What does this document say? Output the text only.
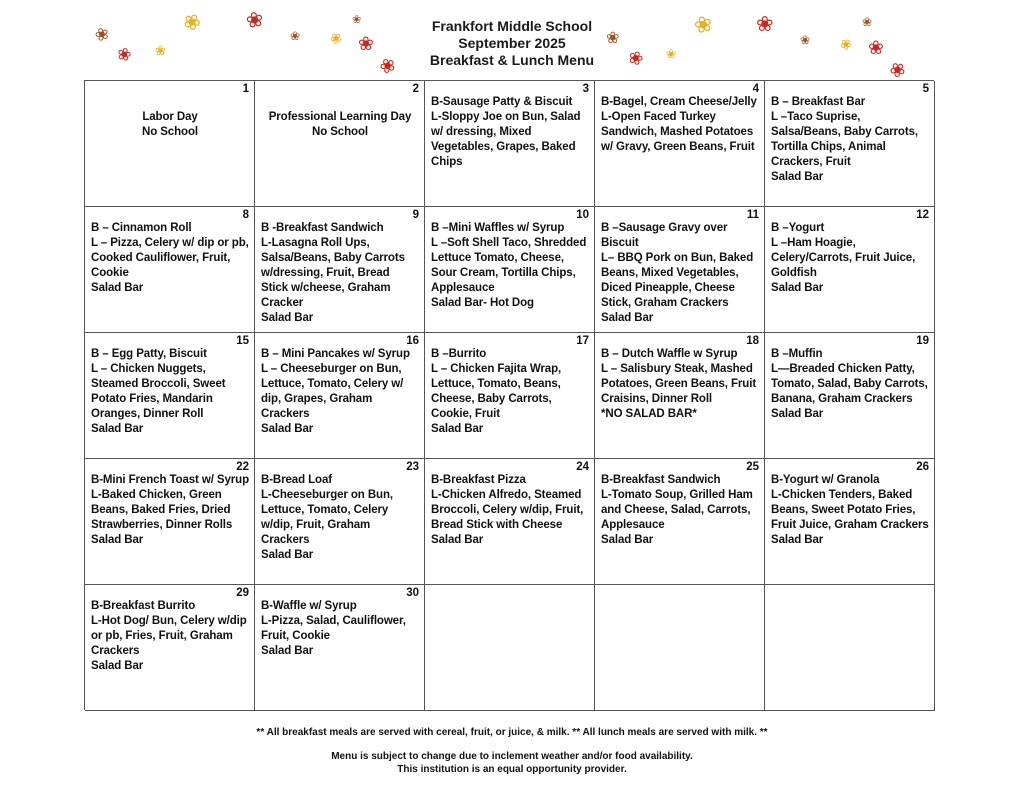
❀
❀ ❀
❀ ❀
❀ ❀
❀
❀
❀
❀
❀ ❀
❀ ❀
❀ ❀
❀
❀
❀
Frankfort Middle School
September 2025
Breakfast & Lunch Menu
1
Labor Day
No School
2
Professional Learning Day
No School
3
B-Sausage Patty & Biscuit
L-Sloppy Joe on Bun, Salad w/ dressing, Mixed Vegetables, Grapes, Baked Chips
4
B-Bagel, Cream Cheese/Jelly
L-Open Faced Turkey Sandwich, Mashed Potatoes w/ Gravy, Green Beans, Fruit
5
B – Breakfast Bar
L –Taco Suprise, Salsa/Beans, Baby Carrots, Tortilla Chips, Animal Crackers, Fruit
Salad Bar
8
B – Cinnamon Roll
L – Pizza, Celery w/ dip or pb, Cooked Cauliflower, Fruit, Cookie
Salad Bar
9
B -Breakfast Sandwich
L-Lasagna Roll Ups, Salsa/Beans, Baby Carrots w/dressing, Fruit, Bread Stick w/cheese, Graham Cracker
Salad Bar
10
B –Mini Waffles w/ Syrup
L –Soft Shell Taco, Shredded Lettuce Tomato, Cheese, Sour Cream, Tortilla Chips, Applesauce
Salad Bar- Hot Dog
11
B –Sausage Gravy over Biscuit
L– BBQ Pork on Bun, Baked Beans, Mixed Vegetables, Diced Pineapple, Cheese Stick, Graham Crackers
Salad Bar
12
B –Yogurt
L –Ham Hoagie, Celery/Carrots, Fruit Juice, Goldfish
Salad Bar
15
B – Egg Patty, Biscuit
L – Chicken Nuggets, Steamed Broccoli, Sweet Potato Fries, Mandarin Oranges, Dinner Roll
Salad Bar
16
B – Mini Pancakes w/ Syrup
L – Cheeseburger on Bun, Lettuce, Tomato, Celery w/ dip, Grapes, Graham Crackers
Salad Bar
17
B –Burrito
L – Chicken Fajita Wrap, Lettuce, Tomato, Beans, Cheese, Baby Carrots, Cookie, Fruit
Salad Bar
18
B – Dutch Waffle w Syrup
L – Salisbury Steak, Mashed Potatoes, Green Beans, Fruit Craisins, Dinner Roll
*NO SALAD BAR*
19
B –Muffin
L—Breaded Chicken Patty, Tomato, Salad, Baby Carrots, Banana, Graham Crackers
Salad Bar
22
B-Mini French Toast w/ Syrup
L-Baked Chicken, Green Beans, Baked Fries, Dried Strawberries, Dinner Rolls
Salad Bar
23
B-Bread Loaf
L-Cheeseburger on Bun, Lettuce, Tomato, Celery w/dip, Fruit, Graham Crackers
Salad Bar
24
B-Breakfast Pizza
L-Chicken Alfredo, Steamed Broccoli, Celery w/dip, Fruit, Bread Stick with Cheese
Salad Bar
25
B-Breakfast Sandwich
L-Tomato Soup, Grilled Ham and Cheese, Salad, Carrots, Applesauce
Salad Bar
26
B-Yogurt w/ Granola
L-Chicken Tenders, Baked Beans, Sweet Potato Fries, Fruit Juice, Graham Crackers
Salad Bar
29
B-Breakfast Burrito
L-Hot Dog/ Bun, Celery w/dip or pb, Fries, Fruit, Graham Crackers
Salad Bar
30
B-Waffle w/ Syrup
L-Pizza, Salad, Cauliflower, Fruit, Cookie
Salad Bar
** All breakfast meals are served with cereal, fruit, or juice, & milk. ** All lunch meals are served with milk. **
Menu is subject to change due to inclement weather and/or food availability.
This institution is an equal opportunity provider.
